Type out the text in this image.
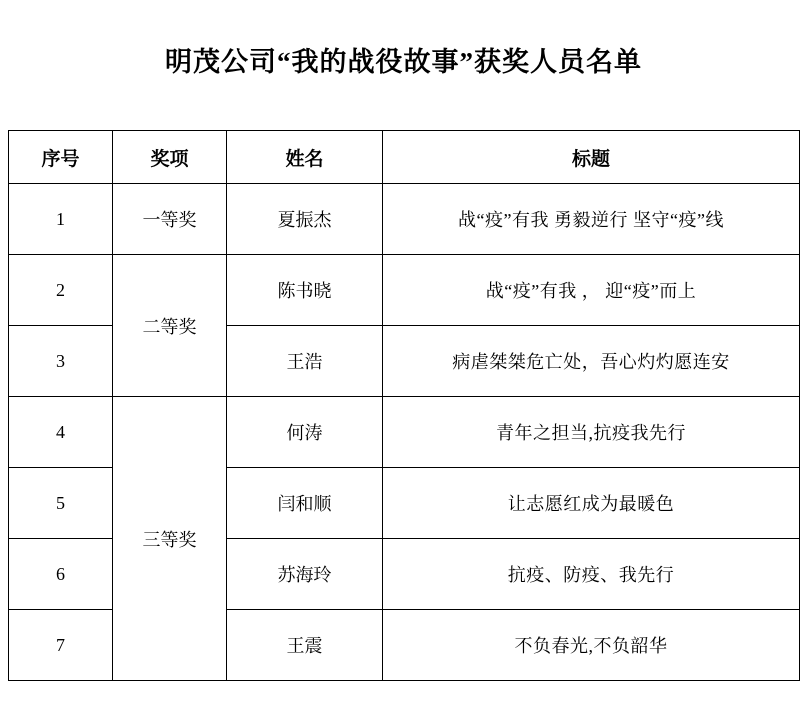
明茂公司“我的战役故事”获奖人员名单
序号	奖项	姓名	标题
1	一等奖	夏振杰	战“疫”有我 勇毅逆行 坚守“疫”线
2	二等奖	陈书晓	战“疫”有我 ， 迎“疫”而上
3		王浩	病虐桀桀危亡处，吾心灼灼愿连安
4	三等奖	何涛	青年之担当,抗疫我先行
5		闫和顺	让志愿红成为最暖色
6		苏海玲	抗疫、防疫、我先行
7		王震	不负春光,不负韶华
